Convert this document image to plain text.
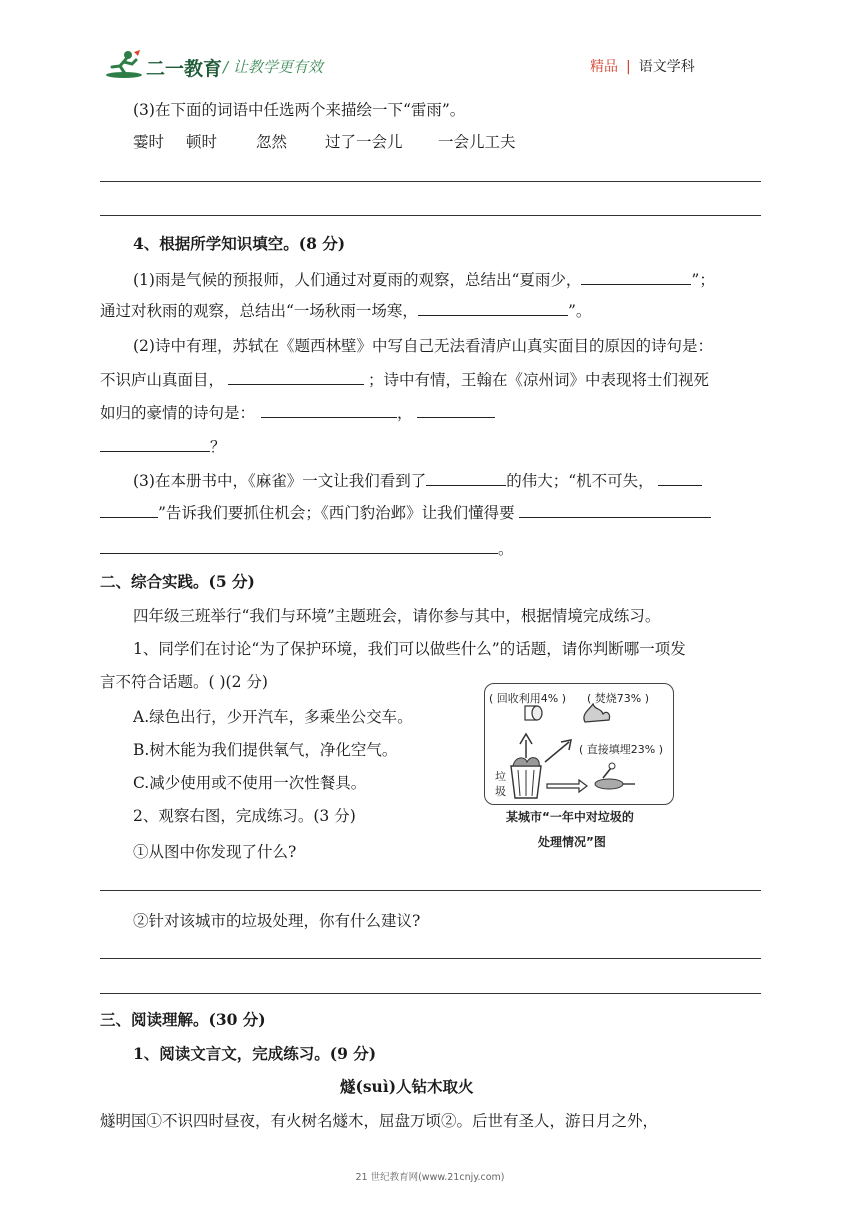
二一教育 / 让教学更有效	精品 | 语文学科
(3)在下面的词语中任选两个来描绘一下“雷雨”。
霎时 顿时	忽然 过了一会儿 一会儿工夫
4、根据所学知识填空。(8 分)
(1)雨是气候的预报师，人们通过对夏雨的观察，总结出“夏雨少，	”；
通过对秋雨的观察，总结出“一场秋雨一场寒，	”。
(2)诗中有理，苏轼在《题西林壁》中写自己无法看清庐山真实面目的原因的诗句是：
不识庐山真面目，	；诗中有情，王翰在《凉州词》中表现将士们视死
如归的豪情的诗句是：	，
？
(3)在本册书中，《麻雀》一文让我们看到了	的伟大；“机不可失，
”告诉我们要抓住机会；《西门豹治邺》让我们懂得要
。
二、综合实践。(5 分)
四年级三班举行“我们与环境”主题班会，请你参与其中，根据情境完成练习。
1、同学们在讨论“为了保护环境，我们可以做些什么”的话题，请你判断哪一项发
言不符合话题。( )(2 分)
A.绿色出行，少开汽车，多乘坐公交车。
B.树木能为我们提供氧气，净化空气。
C.减少使用或不使用一次性餐具。
2、观察右图，完成练习。(3 分)
①从图中你发现了什么?
( 回收利用4% ) ( 焚烧73% )
( 直接填埋23% )
垃
圾
某城市“一年中对垃圾的
处理情况”图
②针对该城市的垃圾处理，你有什么建议?
三、阅读理解。(30 分)
1、阅读文言文，完成练习。(9 分)
燧(suì)人钻木取火
燧明国①不识四时昼夜，有火树名燧木，屈盘万顷②。后世有圣人，游日月之外，
21 世纪教育网(www.21cnjy.com)
